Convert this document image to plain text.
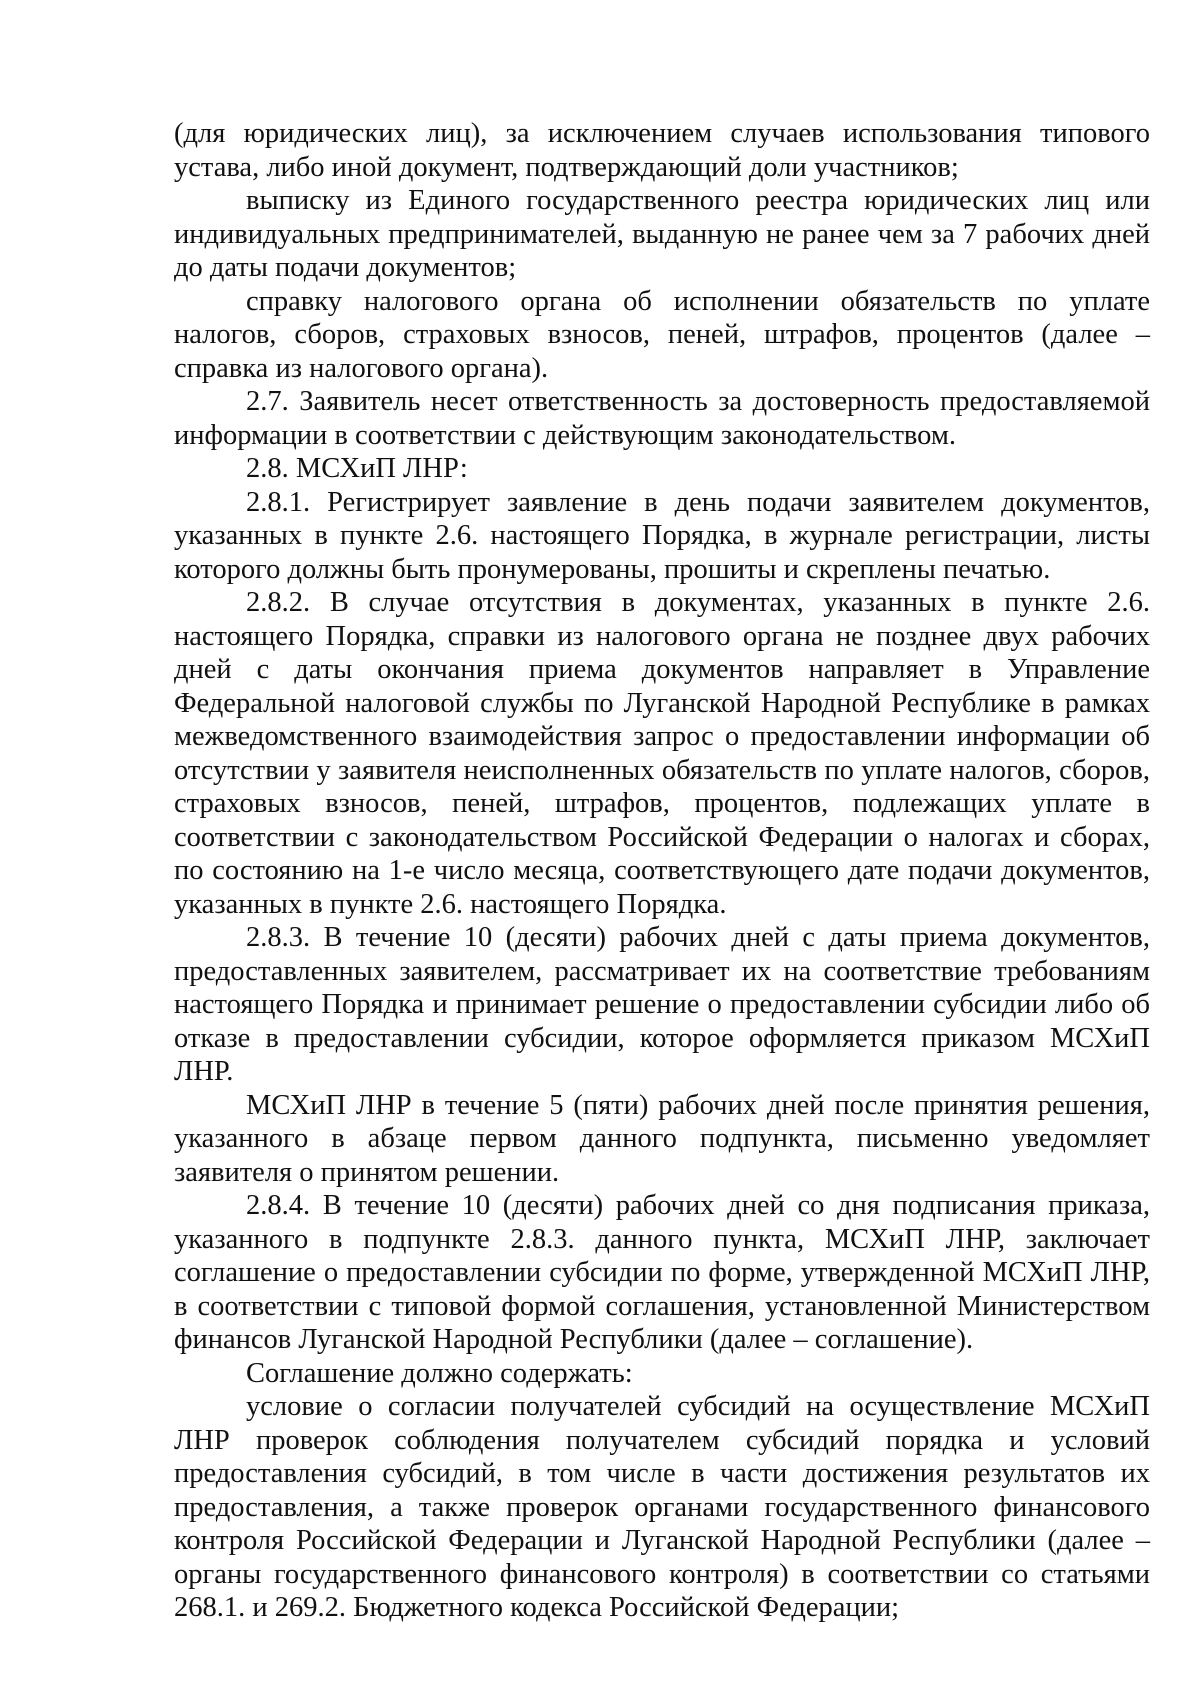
(для юридических лиц), за исключением случаев использования типового устава, либо иной документ, подтверждающий доли участников;

выписку из Единого государственного реестра юридических лиц или индивидуальных предпринимателей, выданную не ранее чем за 7 рабочих дней до даты подачи документов;

справку налогового органа об исполнении обязательств по уплате налогов, сборов, страховых взносов, пеней, штрафов, процентов (далее – справка из налогового органа).

2.7. Заявитель несет ответственность за достоверность предоставляемой информации в соответствии с действующим законодательством.

2.8. МСХиП ЛНР:

2.8.1. Регистрирует заявление в день подачи заявителем документов, указанных в пункте 2.6. настоящего Порядка, в журнале регистрации, листы которого должны быть пронумерованы, прошиты и скреплены печатью.

2.8.2. В случае отсутствия в документах, указанных в пункте 2.6. настоящего Порядка, справки из налогового органа не позднее двух рабочих дней с даты окончания приема документов направляет в Управление Федеральной налоговой службы по Луганской Народной Республике в рамках межведомственного взаимодействия запрос о предоставлении информации об отсутствии у заявителя неисполненных обязательств по уплате налогов, сборов, страховых взносов, пеней, штрафов, процентов, подлежащих уплате в соответствии с законодательством Российской Федерации о налогах и сборах, по состоянию на 1-е число месяца, соответствующего дате подачи документов, указанных в пункте 2.6. настоящего Порядка.

2.8.3. В течение 10 (десяти) рабочих дней с даты приема документов, предоставленных заявителем, рассматривает их на соответствие требованиям настоящего Порядка и принимает решение о предоставлении субсидии либо об отказе в предоставлении субсидии, которое оформляется приказом МСХиП ЛНР.

МСХиП ЛНР в течение 5 (пяти) рабочих дней после принятия решения, указанного в абзаце первом данного подпункта, письменно уведомляет заявителя о принятом решении.

2.8.4. В течение 10 (десяти) рабочих дней со дня подписания приказа, указанного в подпункте 2.8.3. данного пункта, МСХиП ЛНР, заключает соглашение о предоставлении субсидии по форме, утвержденной МСХиП ЛНР, в соответствии с типовой формой соглашения, установленной Министерством финансов Луганской Народной Республики (далее – соглашение).

Соглашение должно содержать:

условие о согласии получателей субсидий на осуществление МСХиП ЛНР проверок соблюдения получателем субсидий порядка и условий предоставления субсидий, в том числе в части достижения результатов их предоставления, а также проверок органами государственного финансового контроля Российской Федерации и Луганской Народной Республики (далее – органы государственного финансового контроля) в соответствии со статьями 268.1. и 269.2. Бюджетного кодекса Российской Федерации;
